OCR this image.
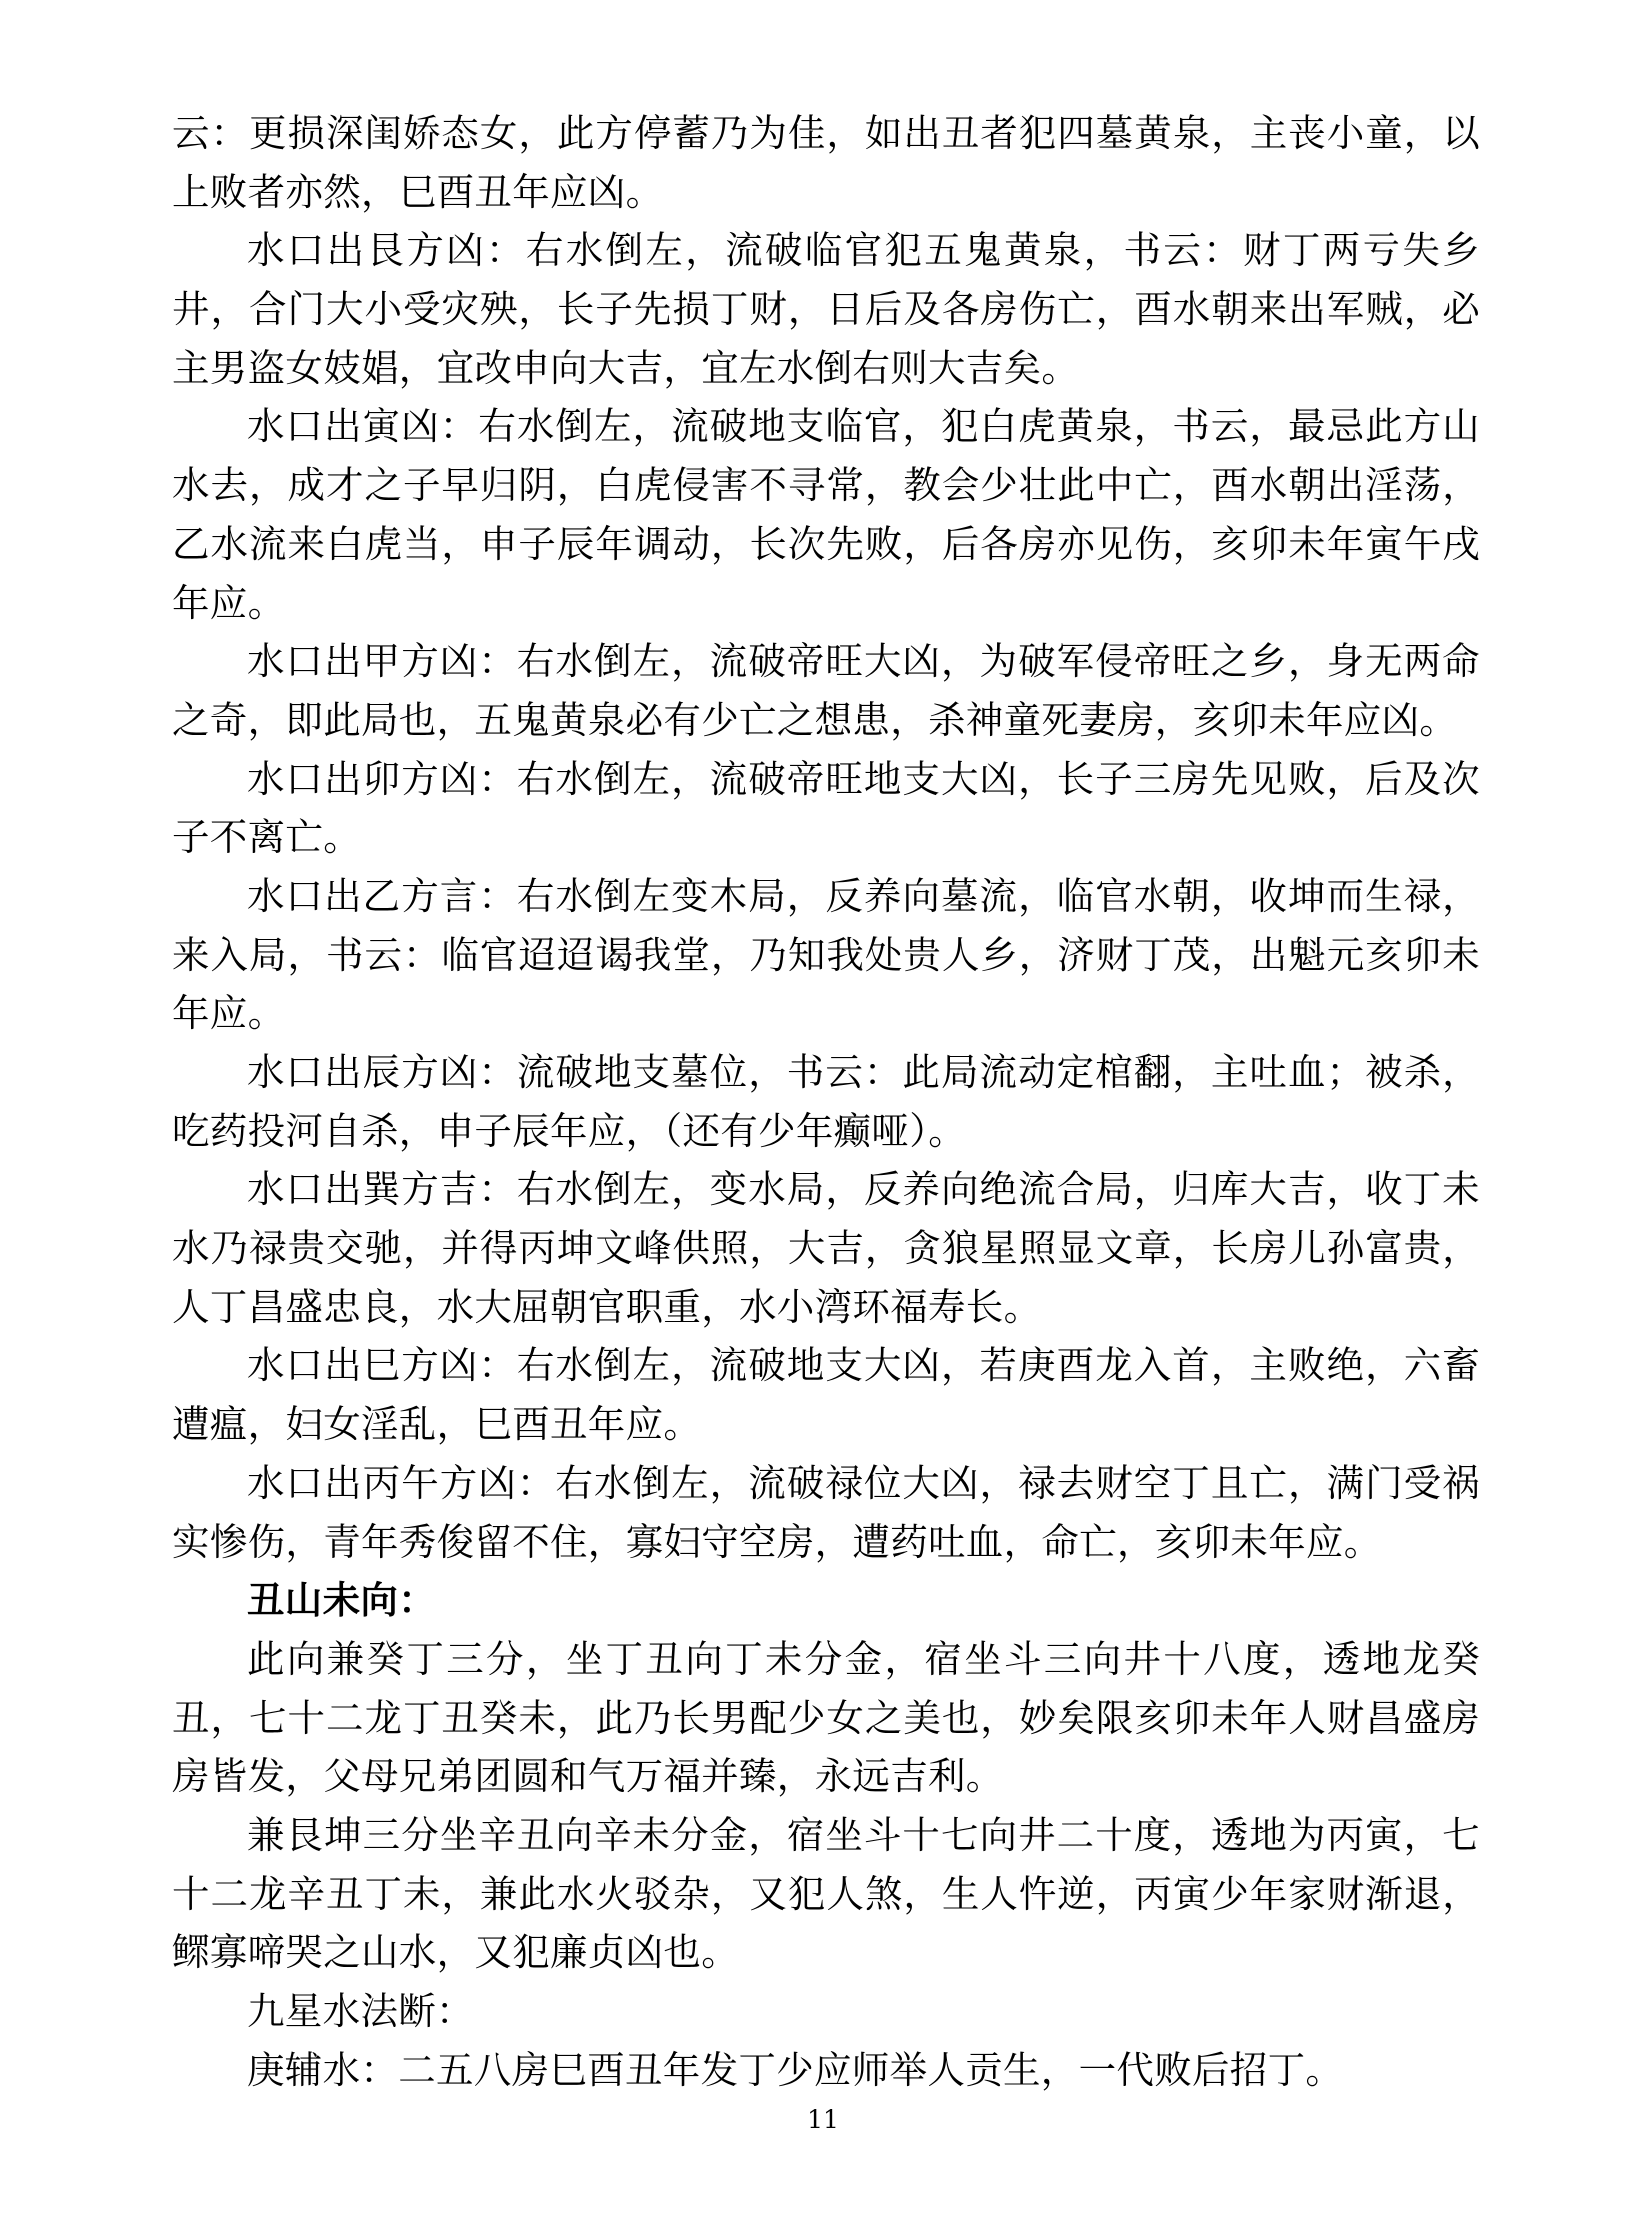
云：更损深闺娇态女，此方停蓄乃为佳，如出丑者犯四墓黄泉，主丧小童，以上败者亦然，巳酉丑年应凶。

水口出艮方凶：右水倒左，流破临官犯五鬼黄泉，书云：财丁两亏失乡井，合门大小受灾殃，长子先损丁财，日后及各房伤亡，酉水朝来出军贼，必主男盗女妓娼，宜改申向大吉，宜左水倒右则大吉矣。

水口出寅凶：右水倒左，流破地支临官，犯白虎黄泉，书云，最忌此方山水去，成才之子早归阴，白虎侵害不寻常，教会少壮此中亡，酉水朝出淫荡，乙水流来白虎当，申子辰年调动，长次先败，后各房亦见伤，亥卯未年寅午戌年应。

水口出甲方凶：右水倒左，流破帝旺大凶，为破军侵帝旺之乡，身无两命之奇，即此局也，五鬼黄泉必有少亡之想患，杀神童死妻房，亥卯未年应凶。

水口出卯方凶：右水倒左，流破帝旺地支大凶，长子三房先见败，后及次子不离亡。

水口出乙方言：右水倒左变木局，反养向墓流，临官水朝，收坤而生禄，来入局，书云：临官迢迢谒我堂，乃知我处贵人乡，济财丁茂，出魁元亥卯未年应。

水口出辰方凶：流破地支墓位，书云：此局流动定棺翻，主吐血；被杀，吃药投河自杀，申子辰年应，（还有少年癫哑）。

水口出巽方吉：右水倒左，变水局，反养向绝流合局，归库大吉，收丁未水乃禄贵交驰，并得丙坤文峰供照，大吉，贪狼星照显文章，长房儿孙富贵，人丁昌盛忠良，水大屈朝官职重，水小湾环福寿长。

水口出巳方凶：右水倒左，流破地支大凶，若庚酉龙入首，主败绝，六畜遭瘟，妇女淫乱，巳酉丑年应。

水口出丙午方凶：右水倒左，流破禄位大凶，禄去财空丁且亡，满门受祸实惨伤，青年秀俊留不住，寡妇守空房，遭药吐血，命亡，亥卯未年应。

丑山未向：

此向兼癸丁三分，坐丁丑向丁未分金，宿坐斗三向井十八度，透地龙癸丑，七十二龙丁丑癸未，此乃长男配少女之美也，妙矣限亥卯未年人财昌盛房房皆发，父母兄弟团圆和气万福并臻，永远吉利。

兼艮坤三分坐辛丑向辛未分金，宿坐斗十七向井二十度，透地为丙寅，七十二龙辛丑丁未，兼此水火驳杂，又犯人煞，生人忤逆，丙寅少年家财渐退，鳏寡啼哭之山水，又犯廉贞凶也。

九星水法断：

庚辅水：二五八房巳酉丑年发丁少应师举人贡生，一代败后招丁。

11
